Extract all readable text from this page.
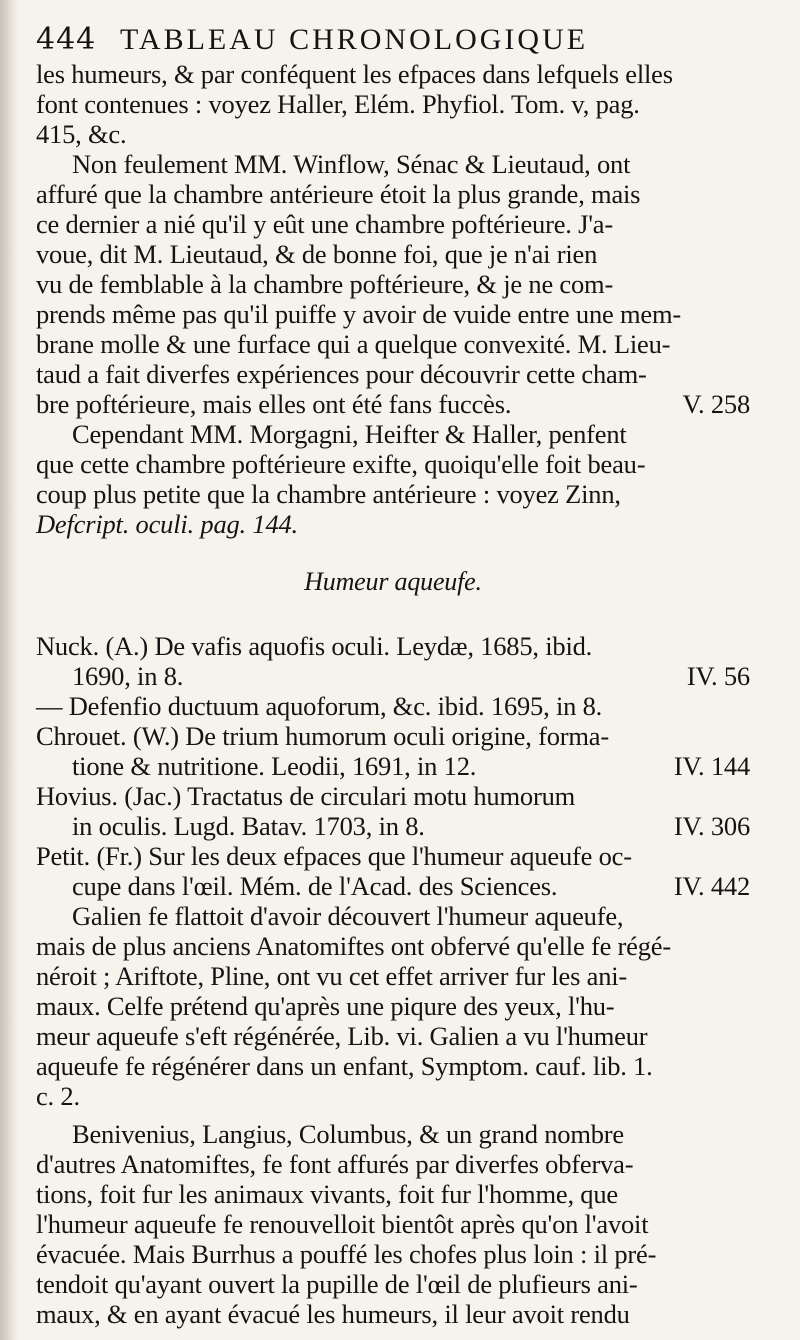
444 TABLEAU CHRONOLOGIQUE

les humeurs, & par conféquent les efpaces dans lefquels elles
font contenues : voyez Haller, Elém. Phyfiol. Tom. v, pag.
415, &c.

Non feulement MM. Winflow, Sénac & Lieutaud, ont
affuré que la chambre antérieure étoit la plus grande, mais
ce dernier a nié qu'il y eût une chambre poftérieure. J'a-
voue, dit M. Lieutaud, & de bonne foi, que je n'ai rien
vu de femblable à la chambre poftérieure, & je ne com-
prends même pas qu'il puiffe y avoir de vuide entre une mem-
brane molle & une furface qui a quelque convexité. M. Lieu-
taud a fait diverfes expériences pour découvrir cette cham-

bre poftérieure, mais elles ont été fans fuccès.	V. 258

Cependant MM. Morgagni, Heifter & Haller, penfent
que cette chambre poftérieure exifte, quoiqu'elle foit beau-
coup plus petite que la chambre antérieure : voyez Zinn,
Defcript. oculi. pag. 144.

Humeur aqueufe.
Nuck. (A.) De vafis aquofis oculi. Leydæ, 1685, ibid.
1690, in 8.	IV. 56
— Defenfio ductuum aquoforum, &c. ibid. 1695, in 8.
Chrouet. (W.) De trium humorum oculi origine, forma-
tione & nutritione. Leodii, 1691, in 12.	IV. 144
Hovius. (Jac.) Tractatus de circulari motu humorum
in oculis. Lugd. Batav. 1703, in 8.	IV. 306
Petit. (Fr.) Sur les deux efpaces que l'humeur aqueufe oc-
cupe dans l'œil. Mém. de l'Acad. des Sciences.	IV. 442

Galien fe flattoit d'avoir découvert l'humeur aqueufe,
mais de plus anciens Anatomiftes ont obfervé qu'elle fe régé-
néroit ; Ariftote, Pline, ont vu cet effet arriver fur les ani-
maux. Celfe prétend qu'après une piqure des yeux, l'hu-
meur aqueufe s'eft régénérée, Lib. vi. Galien a vu l'humeur
aqueufe fe régénérer dans un enfant, Symptom. cauf. lib. 1.
c. 2.

Benivenius, Langius, Columbus, & un grand nombre
d'autres Anatomiftes, fe font affurés par diverfes obferva-
tions, foit fur les animaux vivants, foit fur l'homme, que
l'humeur aqueufe fe renouvelloit bientôt après qu'on l'avoit
évacuée. Mais Burrhus a pouffé les chofes plus loin : il pré-
tendoit qu'ayant ouvert la pupille de l'œil de plufieurs ani-
maux, & en ayant évacué les humeurs, il leur avoit rendu
